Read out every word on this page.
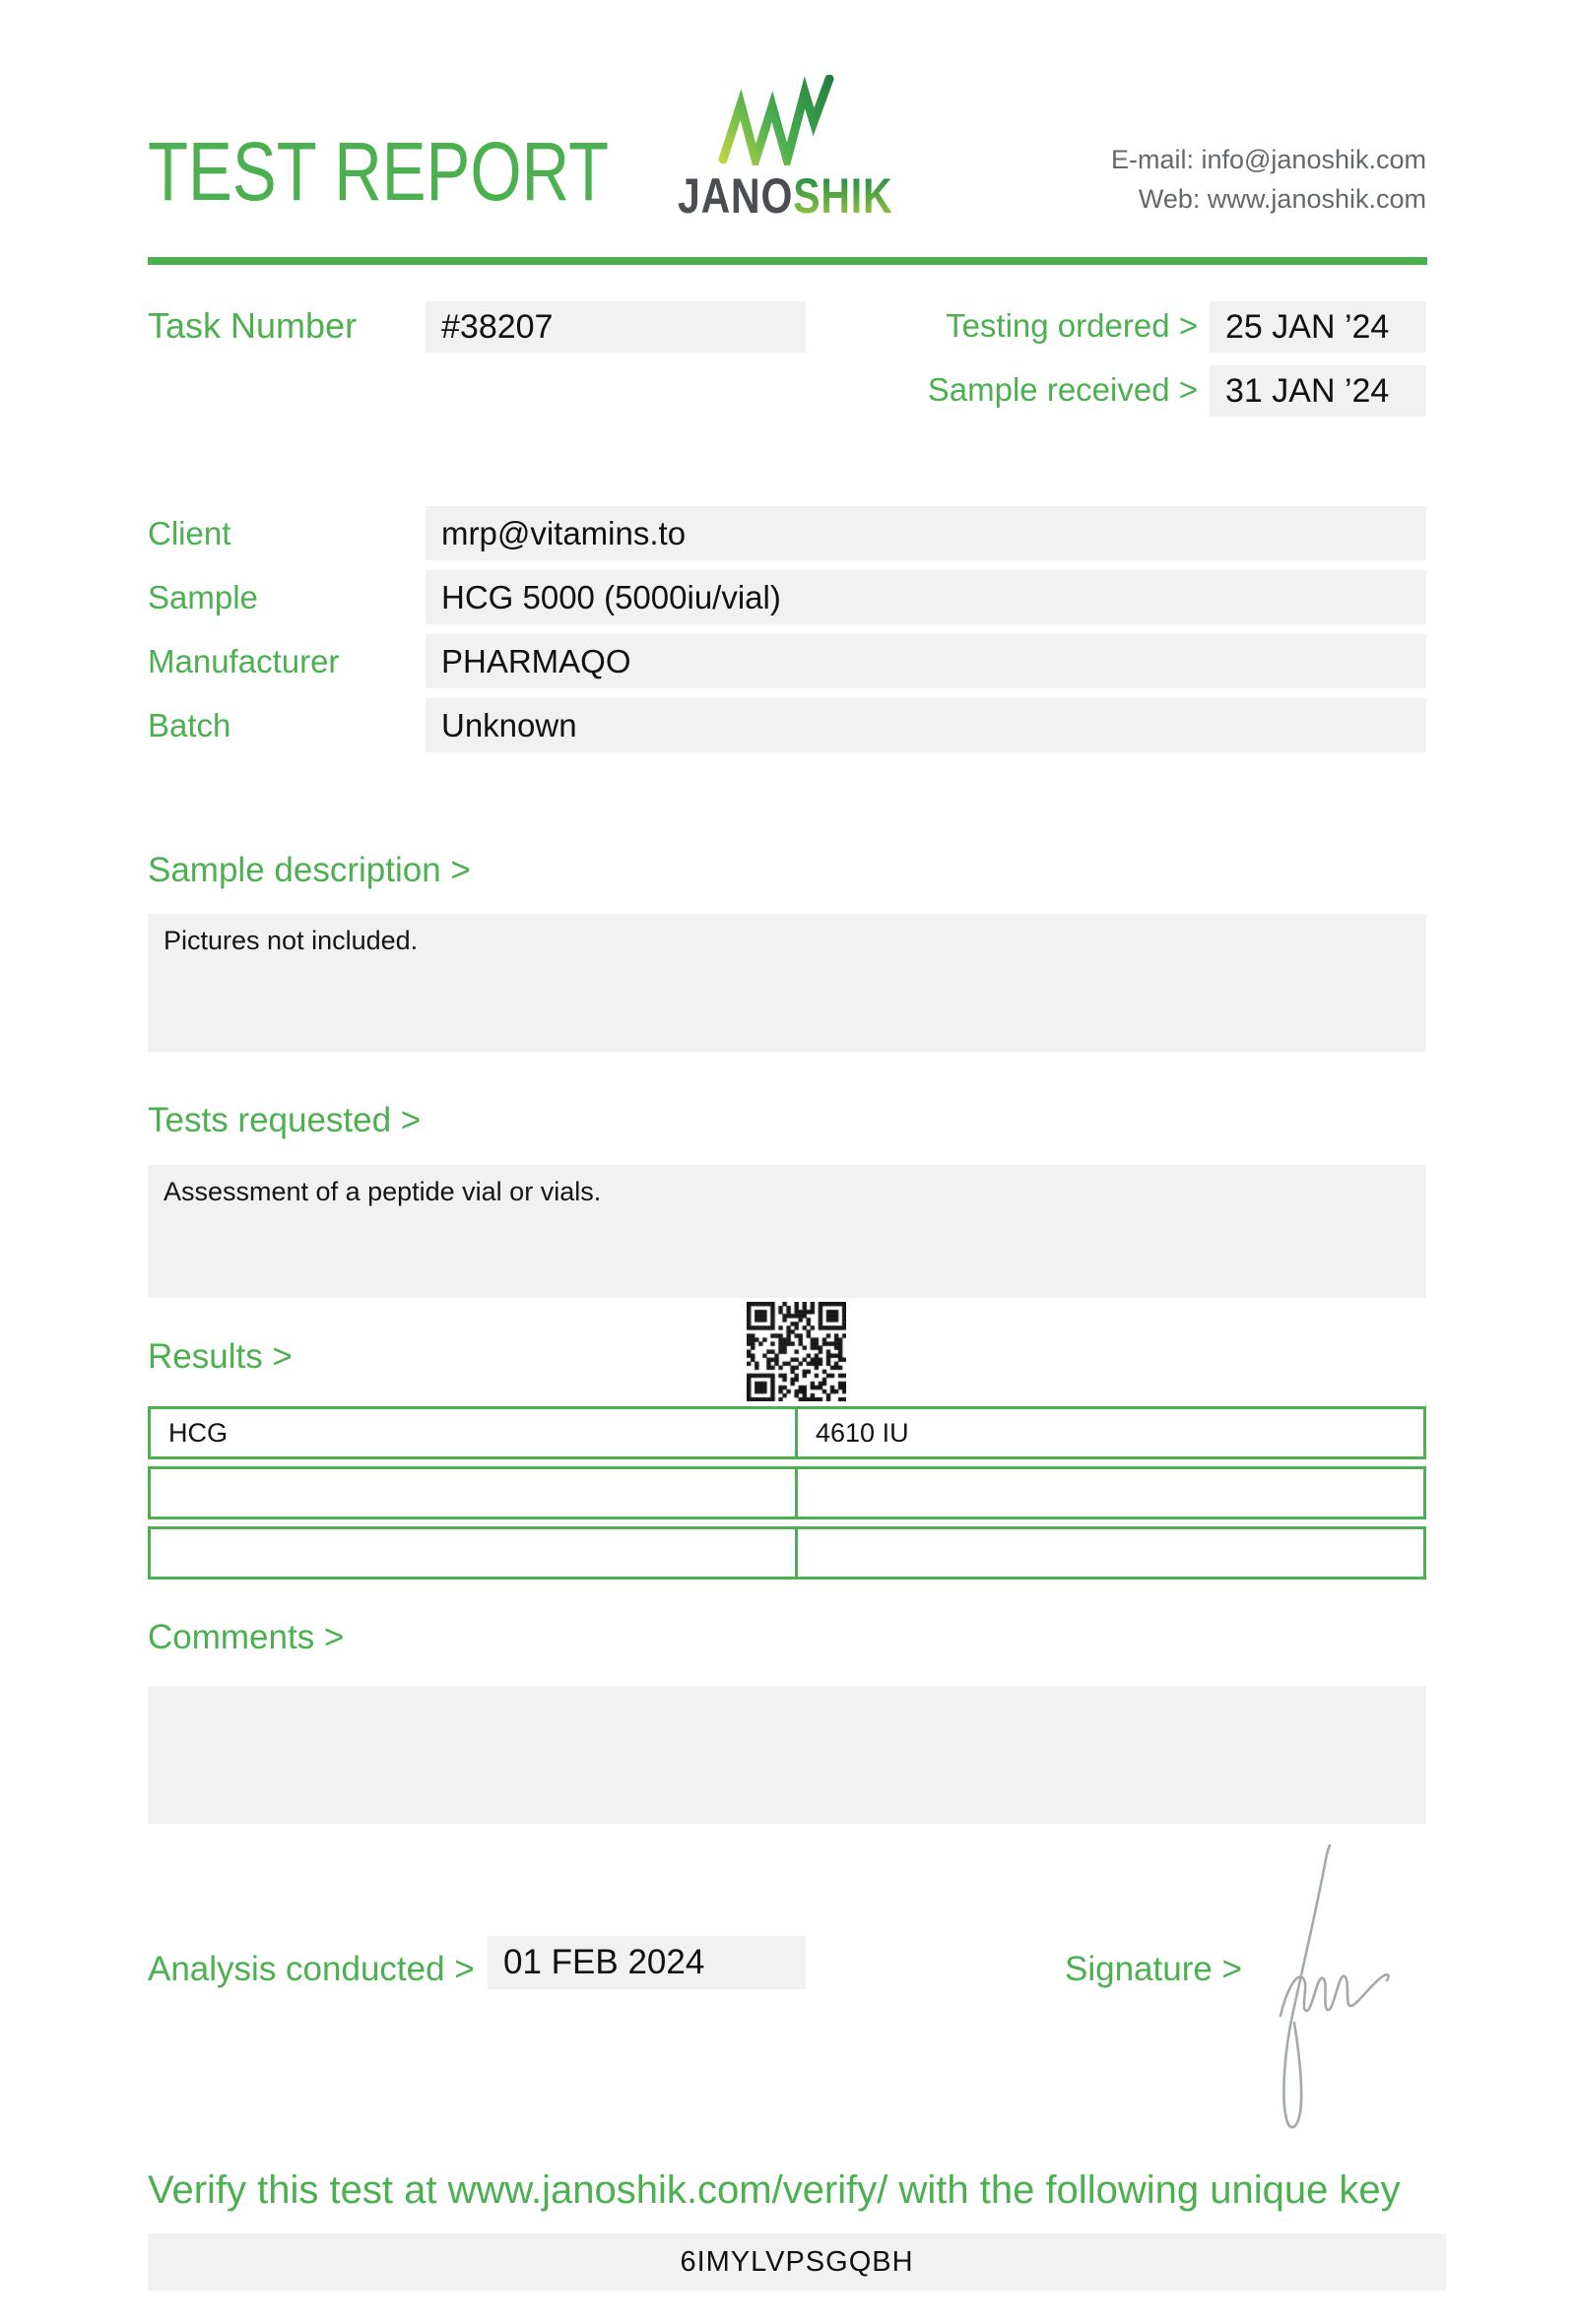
TEST REPORT JANOSHIK
E-mail: info@janoshik.com
Web: www.janoshik.com
Task Number	#38207	Testing ordered > 25 JAN ’24
Sample received > 31 JAN ’24
Client	mrp@vitamins.to
Sample	HCG 5000 (5000iu/vial)
Manufacturer	PHARMAQO
Batch	Unknown
Sample description >
Pictures not included.
Tests requested >
Assessment of a peptide vial or vials.
Results >
HCG	4610 IU
Comments >
Analysis conducted > 01 FEB 2024	Signature >
Verify this test at www.janoshik.com/verify/ with the following unique key
6IMYLVPSGQBH
